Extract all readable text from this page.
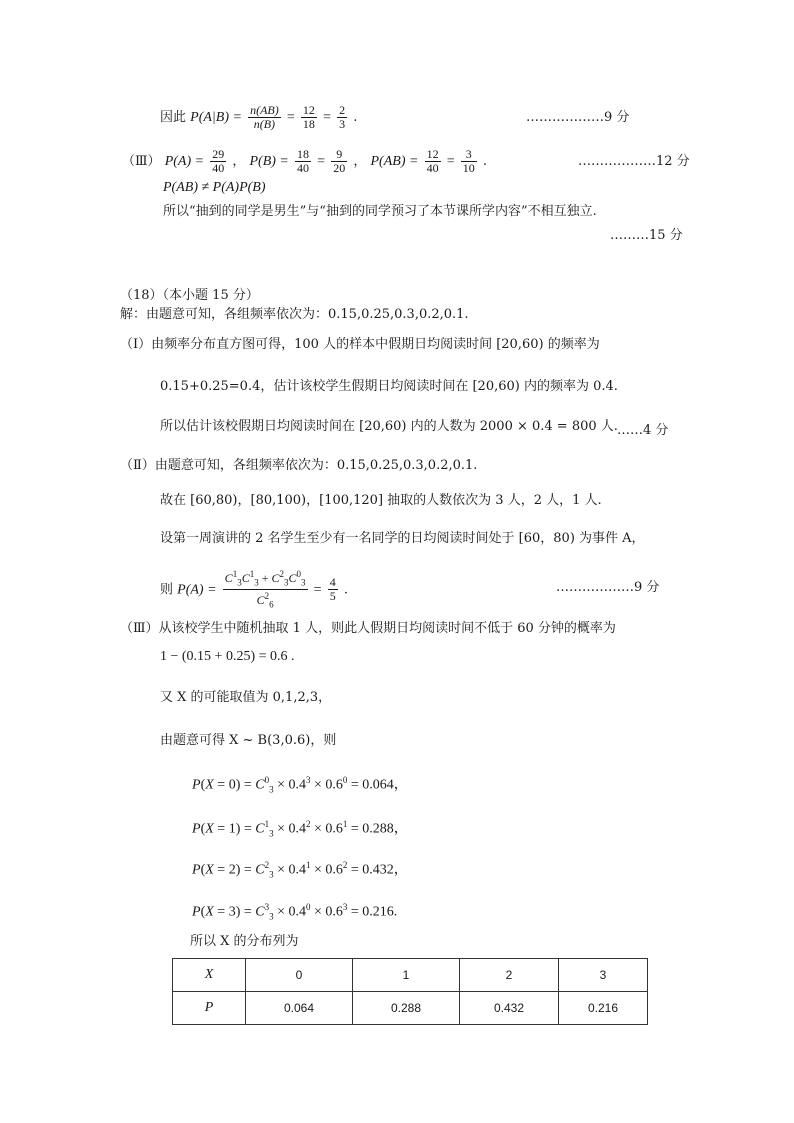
因此 $P(A|B) = \frac{n(AB)}{n(B)} = \frac{12}{18} = \frac{2}{3}$ .	………………9 分
（Ⅲ） $P(A) = \frac{29}{40}$ ， $P(B) = \frac{18}{40} = \frac{9}{20}$ ， $P(AB) = \frac{12}{40} = \frac{3}{10}$ .	………………12 分
P(AB) ≠ P(A)P(B)
所以“抽到的同学是男生”与“抽到的同学预习了本节课所学内容”不相互独立.
………15 分
（18）（本小题 15 分）
解：由题意可知，各组频率依次为：0.15,0.25,0.3,0.2,0.1.
（Ⅰ）由频率分布直方图可得，100 人的样本中假期日均阅读时间 [20,60) 的频率为
0.15+0.25=0.4，估计该校学生假期日均阅读时间在 [20,60) 内的频率为 0.4.
所以估计该校假期日均阅读时间在 [20,60) 内的人数为 2000 × 0.4 = 800 人. ……4 分
（Ⅱ）由题意可知，各组频率依次为：0.15,0.25,0.3,0.2,0.1.
故在 [60,80)，[80,100)，[100,120] 抽取的人数依次为 3 人，2 人，1 人.
设第一周演讲的 2 名学生至少有一名同学的日均阅读时间处于 [60，80) 为事件 A，
则 $P(A) = \frac{C^1_3C^1_3 + C^2_3C^0_3}{C^2_6} = \frac{4}{5}$ .	………………9 分
（Ⅲ）从该校学生中随机抽取 1 人，则此人假期日均阅读时间不低于 60 分钟的概率为
1 − (0.15 + 0.25) = 0.6 .
又 X 的可能取值为 0,1,2,3，
由题意可得 X ~ B(3,0.6)，则
$P(X = 0) = C^0_3 \times 0.4^3 \times 0.6^0 = 0.064$，
$P(X = 1) = C^1_3 \times 0.4^2 \times 0.6^1 = 0.288$，
$P(X = 2) = C^2_3 \times 0.4^1 \times 0.6^2 = 0.432$，
$P(X = 3) = C^3_3 \times 0.4^0 \times 0.6^3 = 0.216$.
所以 X 的分布列为
X	0	1	2	3
P	0.064	0.288	0.432	0.216
